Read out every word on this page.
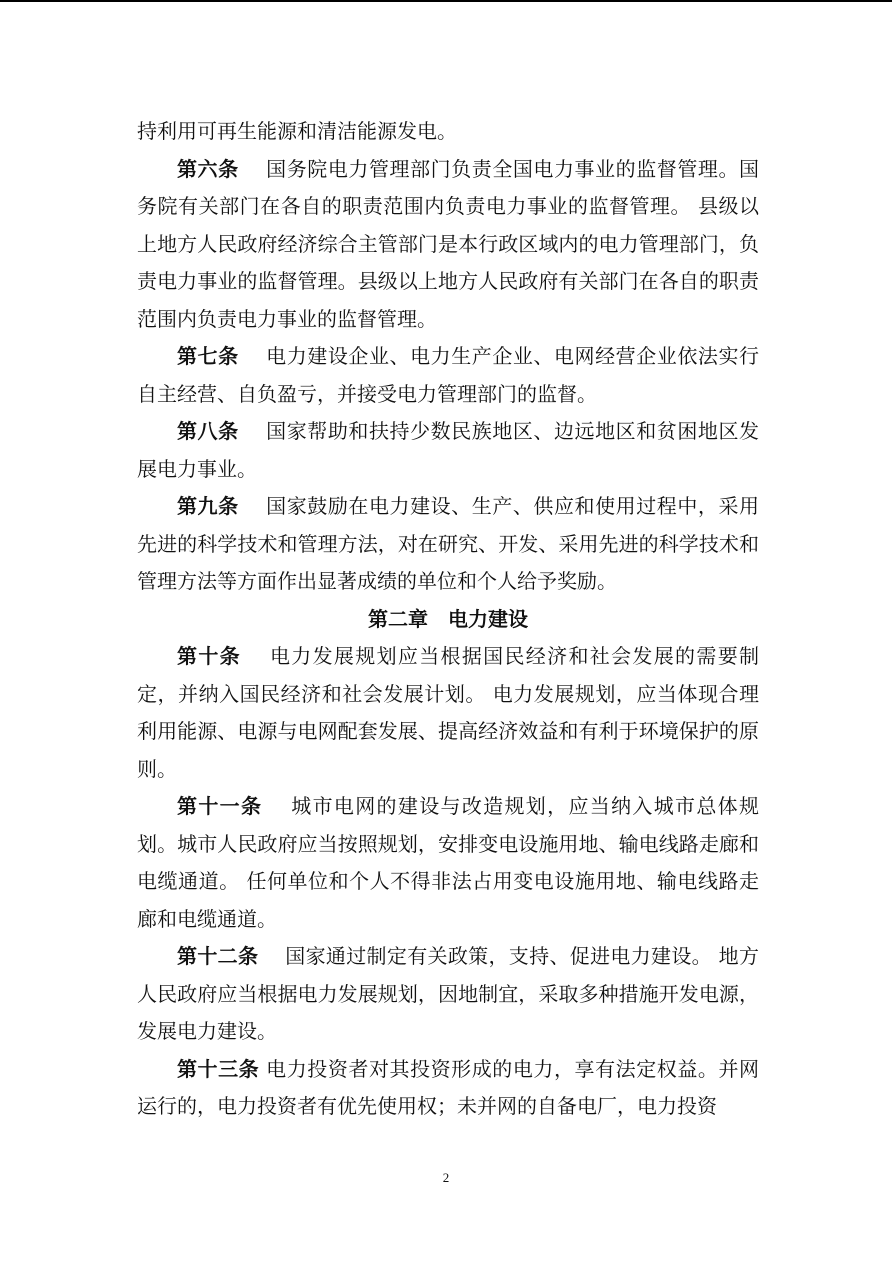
持利用可再生能源和清洁能源发电。

第六条　 国务院电力管理部门负责全国电力事业的监督管理。国务院有关部门在各自的职责范围内负责电力事业的监督管理。 县级以上地方人民政府经济综合主管部门是本行政区域内的电力管理部门，负责电力事业的监督管理。县级以上地方人民政府有关部门在各自的职责范围内负责电力事业的监督管理。

第七条　 电力建设企业、电力生产企业、电网经营企业依法实行自主经营、自负盈亏，并接受电力管理部门的监督。

第八条　 国家帮助和扶持少数民族地区、边远地区和贫困地区发展电力事业。

第九条　 国家鼓励在电力建设、生产、供应和使用过程中，采用先进的科学技术和管理方法，对在研究、开发、采用先进的科学技术和管理方法等方面作出显著成绩的单位和个人给予奖励。

第二章　电力建设

第十条　 电力发展规划应当根据国民经济和社会发展的需要制定，并纳入国民经济和社会发展计划。 电力发展规划，应当体现合理利用能源、电源与电网配套发展、提高经济效益和有利于环境保护的原则。

第十一条　 城市电网的建设与改造规划，应当纳入城市总体规划。城市人民政府应当按照规划，安排变电设施用地、输电线路走廊和电缆通道。 任何单位和个人不得非法占用变电设施用地、输电线路走廊和电缆通道。

第十二条　 国家通过制定有关政策，支持、促进电力建设。 地方人民政府应当根据电力发展规划，因地制宜，采取多种措施开发电源，发展电力建设。

第十三条 电力投资者对其投资形成的电力，享有法定权益。并网运行的，电力投资者有优先使用权；未并网的自备电厂，电力投资

2
